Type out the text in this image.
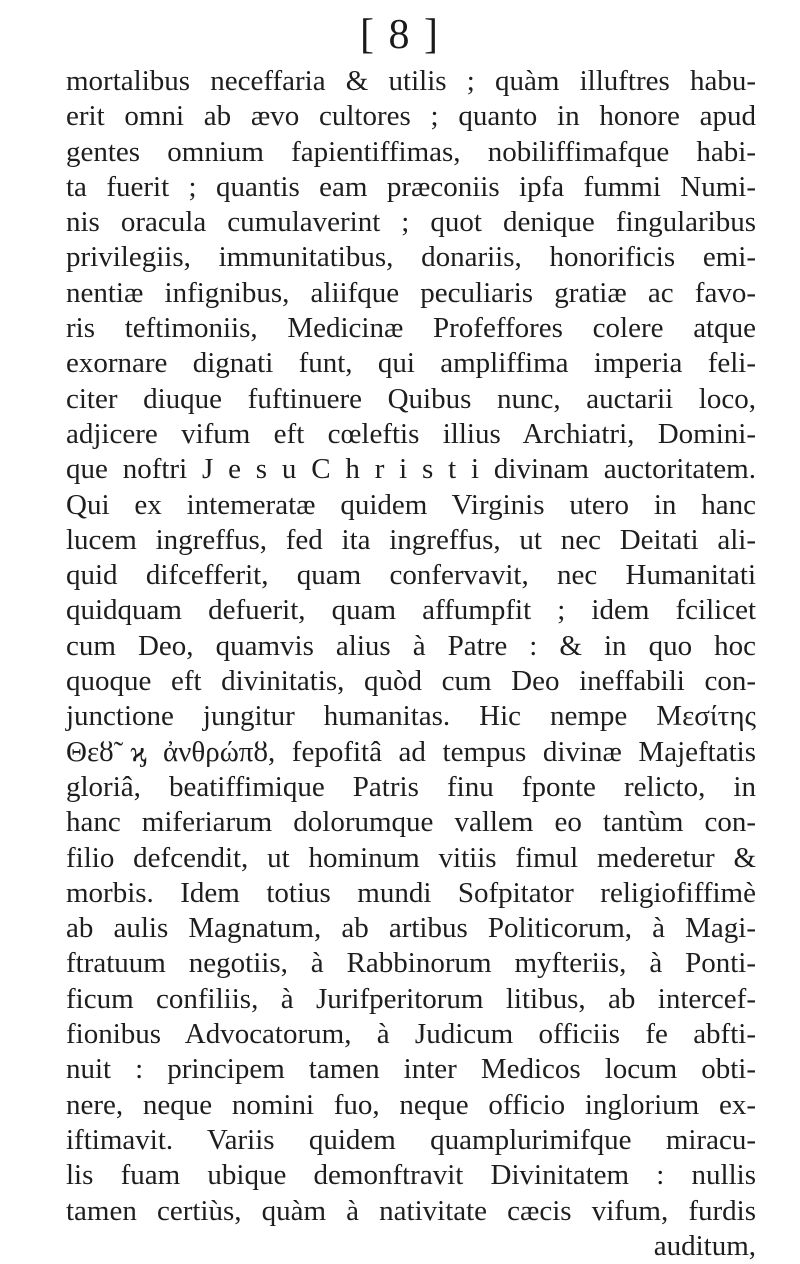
[ 8 ]
mortalibus neceffaria & utilis ; quàm illuftres habu-
erit omni ab ævo cultores ; quanto in honore apud
gentes omnium fapientiffimas, nobiliffimafque habi-
ta fuerit ; quantis eam præconiis ipfa fummi Numi-
nis oracula cumulaverint ; quot denique fingularibus
privilegiis, immunitatibus, donariis, honorificis emi-
nentiæ infignibus, aliifque peculiaris gratiæ ac favo-
ris teftimoniis, Medicinæ Profeffores colere atque
exornare dignati funt, qui ampliffima imperia feli-
citer diuque fuftinuere Quibus nunc, auctarii loco,
adjicere vifum eft cœleftis illius Archiatri, Domini-
que noftri J e s u C h r i s t i divinam auctoritatem.
Qui ex intemeratæ quidem Virginis utero in hanc
lucem ingreffus, fed ita ingreffus, ut nec Deitati ali-
quid difcefferit, quam confervavit, nec Humanitati
quidquam defuerit, quam affumpfit ; idem fcilicet
cum Deo, quamvis alius à Patre : & in quo hoc
quoque eft divinitatis, quòd cum Deo ineffabili con-
junctione jungitur humanitas. Hic nempe Μεσίτης
Θεȣ̃ ϗ ἀνθρώπȣ, fepofitâ ad tempus divinæ Majeftatis
gloriâ, beatiffimique Patris finu fponte relicto, in
hanc miferiarum dolorumque vallem eo tantùm con-
filio defcendit, ut hominum vitiis fimul mederetur &
morbis. Idem totius mundi Sofpitator religiofiffimè
ab aulis Magnatum, ab artibus Politicorum, à Magi-
ftratuum negotiis, à Rabbinorum myfteriis, à Ponti-
ficum confiliis, à Jurifperitorum litibus, ab intercef-
fionibus Advocatorum, à Judicum officiis fe abfti-
nuit : principem tamen inter Medicos locum obti-
nere, neque nomini fuo, neque officio inglorium ex-
iftimavit. Variis quidem quamplurimifque miracu-
lis fuam ubique demonftravit Divinitatem : nullis
tamen certiùs, quàm à nativitate cæcis vifum, furdis
auditum,
